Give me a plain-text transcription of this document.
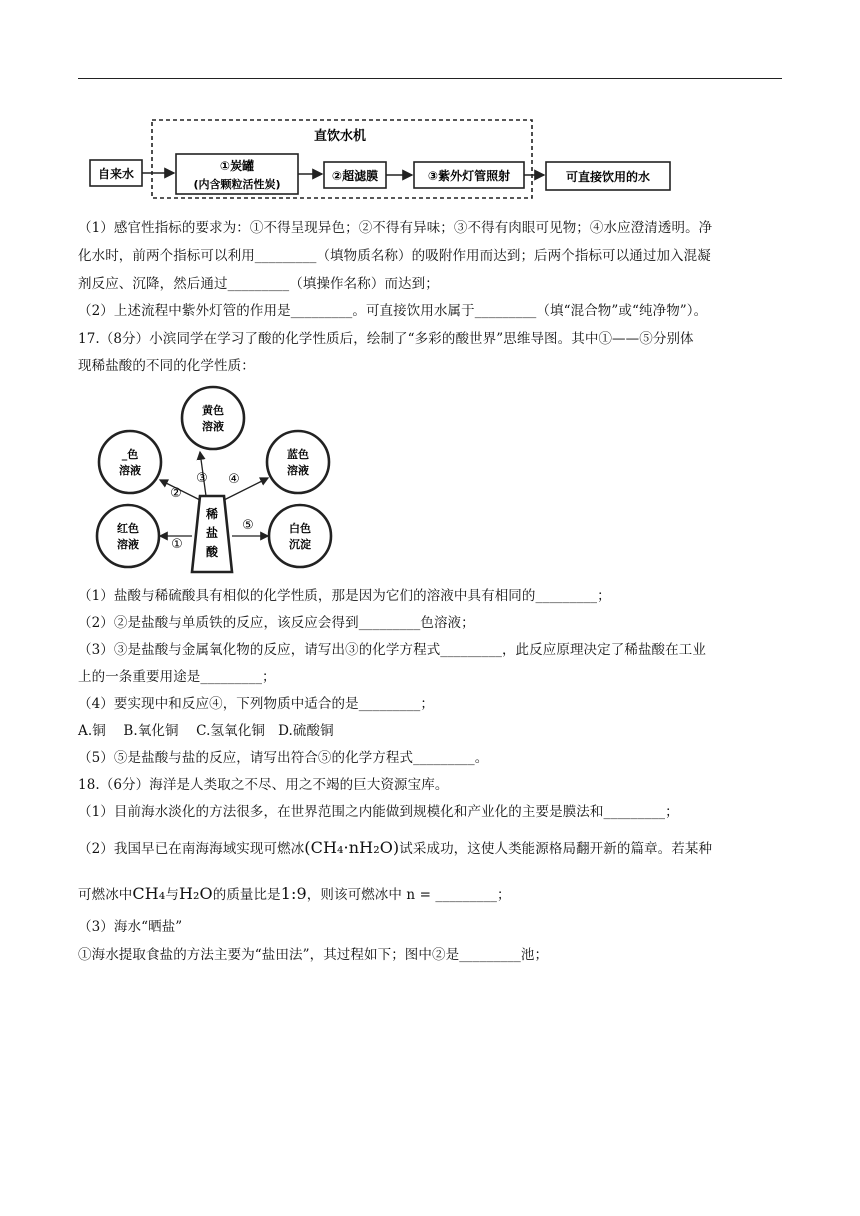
直饮水机
自来水
①炭罐
(内含颗粒活性炭)
②超滤膜	③紫外灯管照射	可直接饮用的水
（1）感官性指标的要求为：①不得呈现异色；②不得有异味；③不得有肉眼可见物；④水应澄清透明。净
化水时，前两个指标可以利用_________（填物质名称）的吸附作用而达到；后两个指标可以通过加入混凝
剂反应、沉降，然后通过_________（填操作名称）而达到；
（2）上述流程中紫外灯管的作用是_________。可直接饮用水属于_________（填“混合物”或“纯净物”）。
17.（8分）小滨同学在学习了酸的化学性质后，绘制了“多彩的酸世界”思维导图。其中①——⑤分别体
现稀盐酸的不同的化学性质：
稀
盐
酸
②
③ ④
①
⑤
黄色
溶液
_色
溶液
蓝色
溶液
红色
溶液
白色
沉淀
（1）盐酸与稀硫酸具有相似的化学性质，那是因为它们的溶液中具有相同的_________；
（2）②是盐酸与单质铁的反应，该反应会得到_________色溶液；
（3）③是盐酸与金属氧化物的反应，请写出③的化学方程式_________，此反应原理决定了稀盐酸在工业
上的一条重要用途是_________；
（4）要实现中和反应④，下列物质中适合的是_________；
A.铜    B.氧化铜    C.氢氧化铜   D.硫酸铜
（5）⑤是盐酸与盐的反应，请写出符合⑤的化学方程式_________。
18.（6分）海洋是人类取之不尽、用之不竭的巨大资源宝库。
（1）目前海水淡化的方法很多，在世界范围之内能做到规模化和产业化的主要是膜法和_________；
（2）我国早已在南海海域实现可燃冰(CH₄·nH₂O)试采成功，这使人类能源格局翻开新的篇章。若某种
可燃冰中CH₄与H₂O的质量比是1:9，则该可燃冰中 n = _________；
（3）海水“晒盐”
①海水提取食盐的方法主要为“盐田法”，其过程如下；图中②是_________池；
